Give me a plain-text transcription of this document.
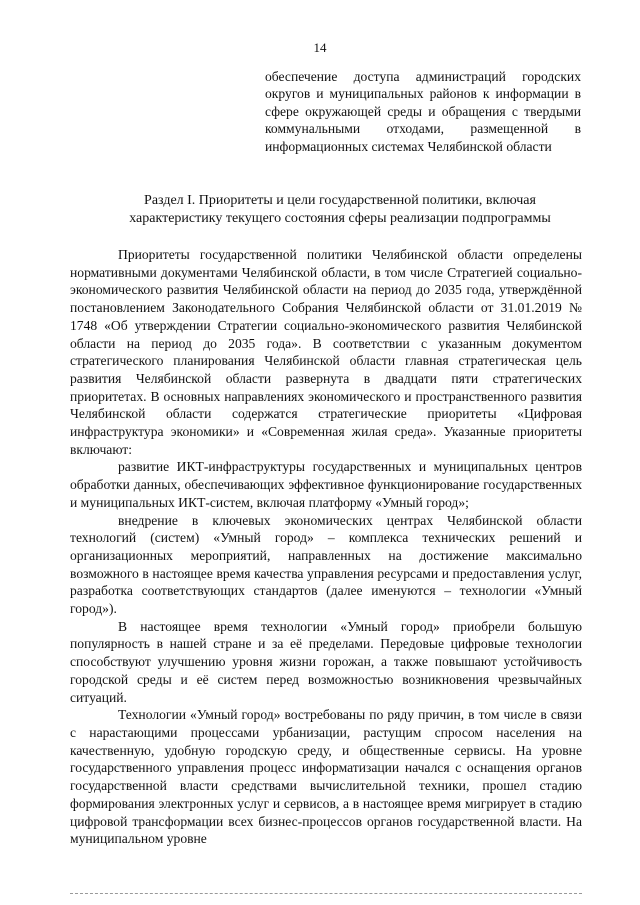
14
обеспечение доступа администраций городских округов и муниципальных районов к информации в сфере окружающей среды и обращения с твердыми коммунальными отходами, размещенной в информационных системах Челябинской области
Раздел I. Приоритеты и цели государственной политики, включая
характеристику текущего состояния сферы реализации подпрограммы

Приоритеты государственной политики Челябинской области определены нормативными документами Челябинской области, в том числе Стратегией социально-экономического развития Челябинской области на период до 2035 года, утверждённой постановлением Законодательного Собрания Челябинской области от 31.01.2019 № 1748 «Об утверждении Стратегии социально-экономического развития Челябинской области на период до 2035 года». В соответствии с указанным документом стратегического планирования Челябинской области главная стратегическая цель развития Челябинской области развернута в двадцати пяти стратегических приоритетах. В основных направлениях экономического и пространственного развития Челябинской области содержатся стратегические приоритеты «Цифровая инфраструктура экономики» и «Современная жилая среда». Указанные приоритеты включают:

развитие ИКТ-инфраструктуры государственных и муниципальных центров обработки данных, обеспечивающих эффективное функционирование государственных и муниципальных ИКТ-систем, включая платформу «Умный город»;

внедрение в ключевых экономических центрах Челябинской области технологий (систем) «Умный город» – комплекса технических решений и организационных мероприятий, направленных на достижение максимально возможного в настоящее время качества управления ресурсами и предоставления услуг, разработка соответствующих стандартов (далее именуются – технологии «Умный город»).

В настоящее время технологии «Умный город» приобрели большую популярность в нашей стране и за её пределами. Передовые цифровые технологии способствуют улучшению уровня жизни горожан, а также повышают устойчивость городской среды и её систем перед возможностью возникновения чрезвычайных ситуаций.

Технологии «Умный город» востребованы по ряду причин, в том числе в связи с нарастающими процессами урбанизации, растущим спросом населения на качественную, удобную городскую среду, и общественные сервисы. На уровне государственного управления процесс информатизации начался с оснащения органов государственной власти средствами вычислительной техники, прошел стадию формирования электронных услуг и сервисов, а в настоящее время мигрирует в стадию цифровой трансформации всех бизнес-процессов органов государственной власти. На муниципальном уровне
